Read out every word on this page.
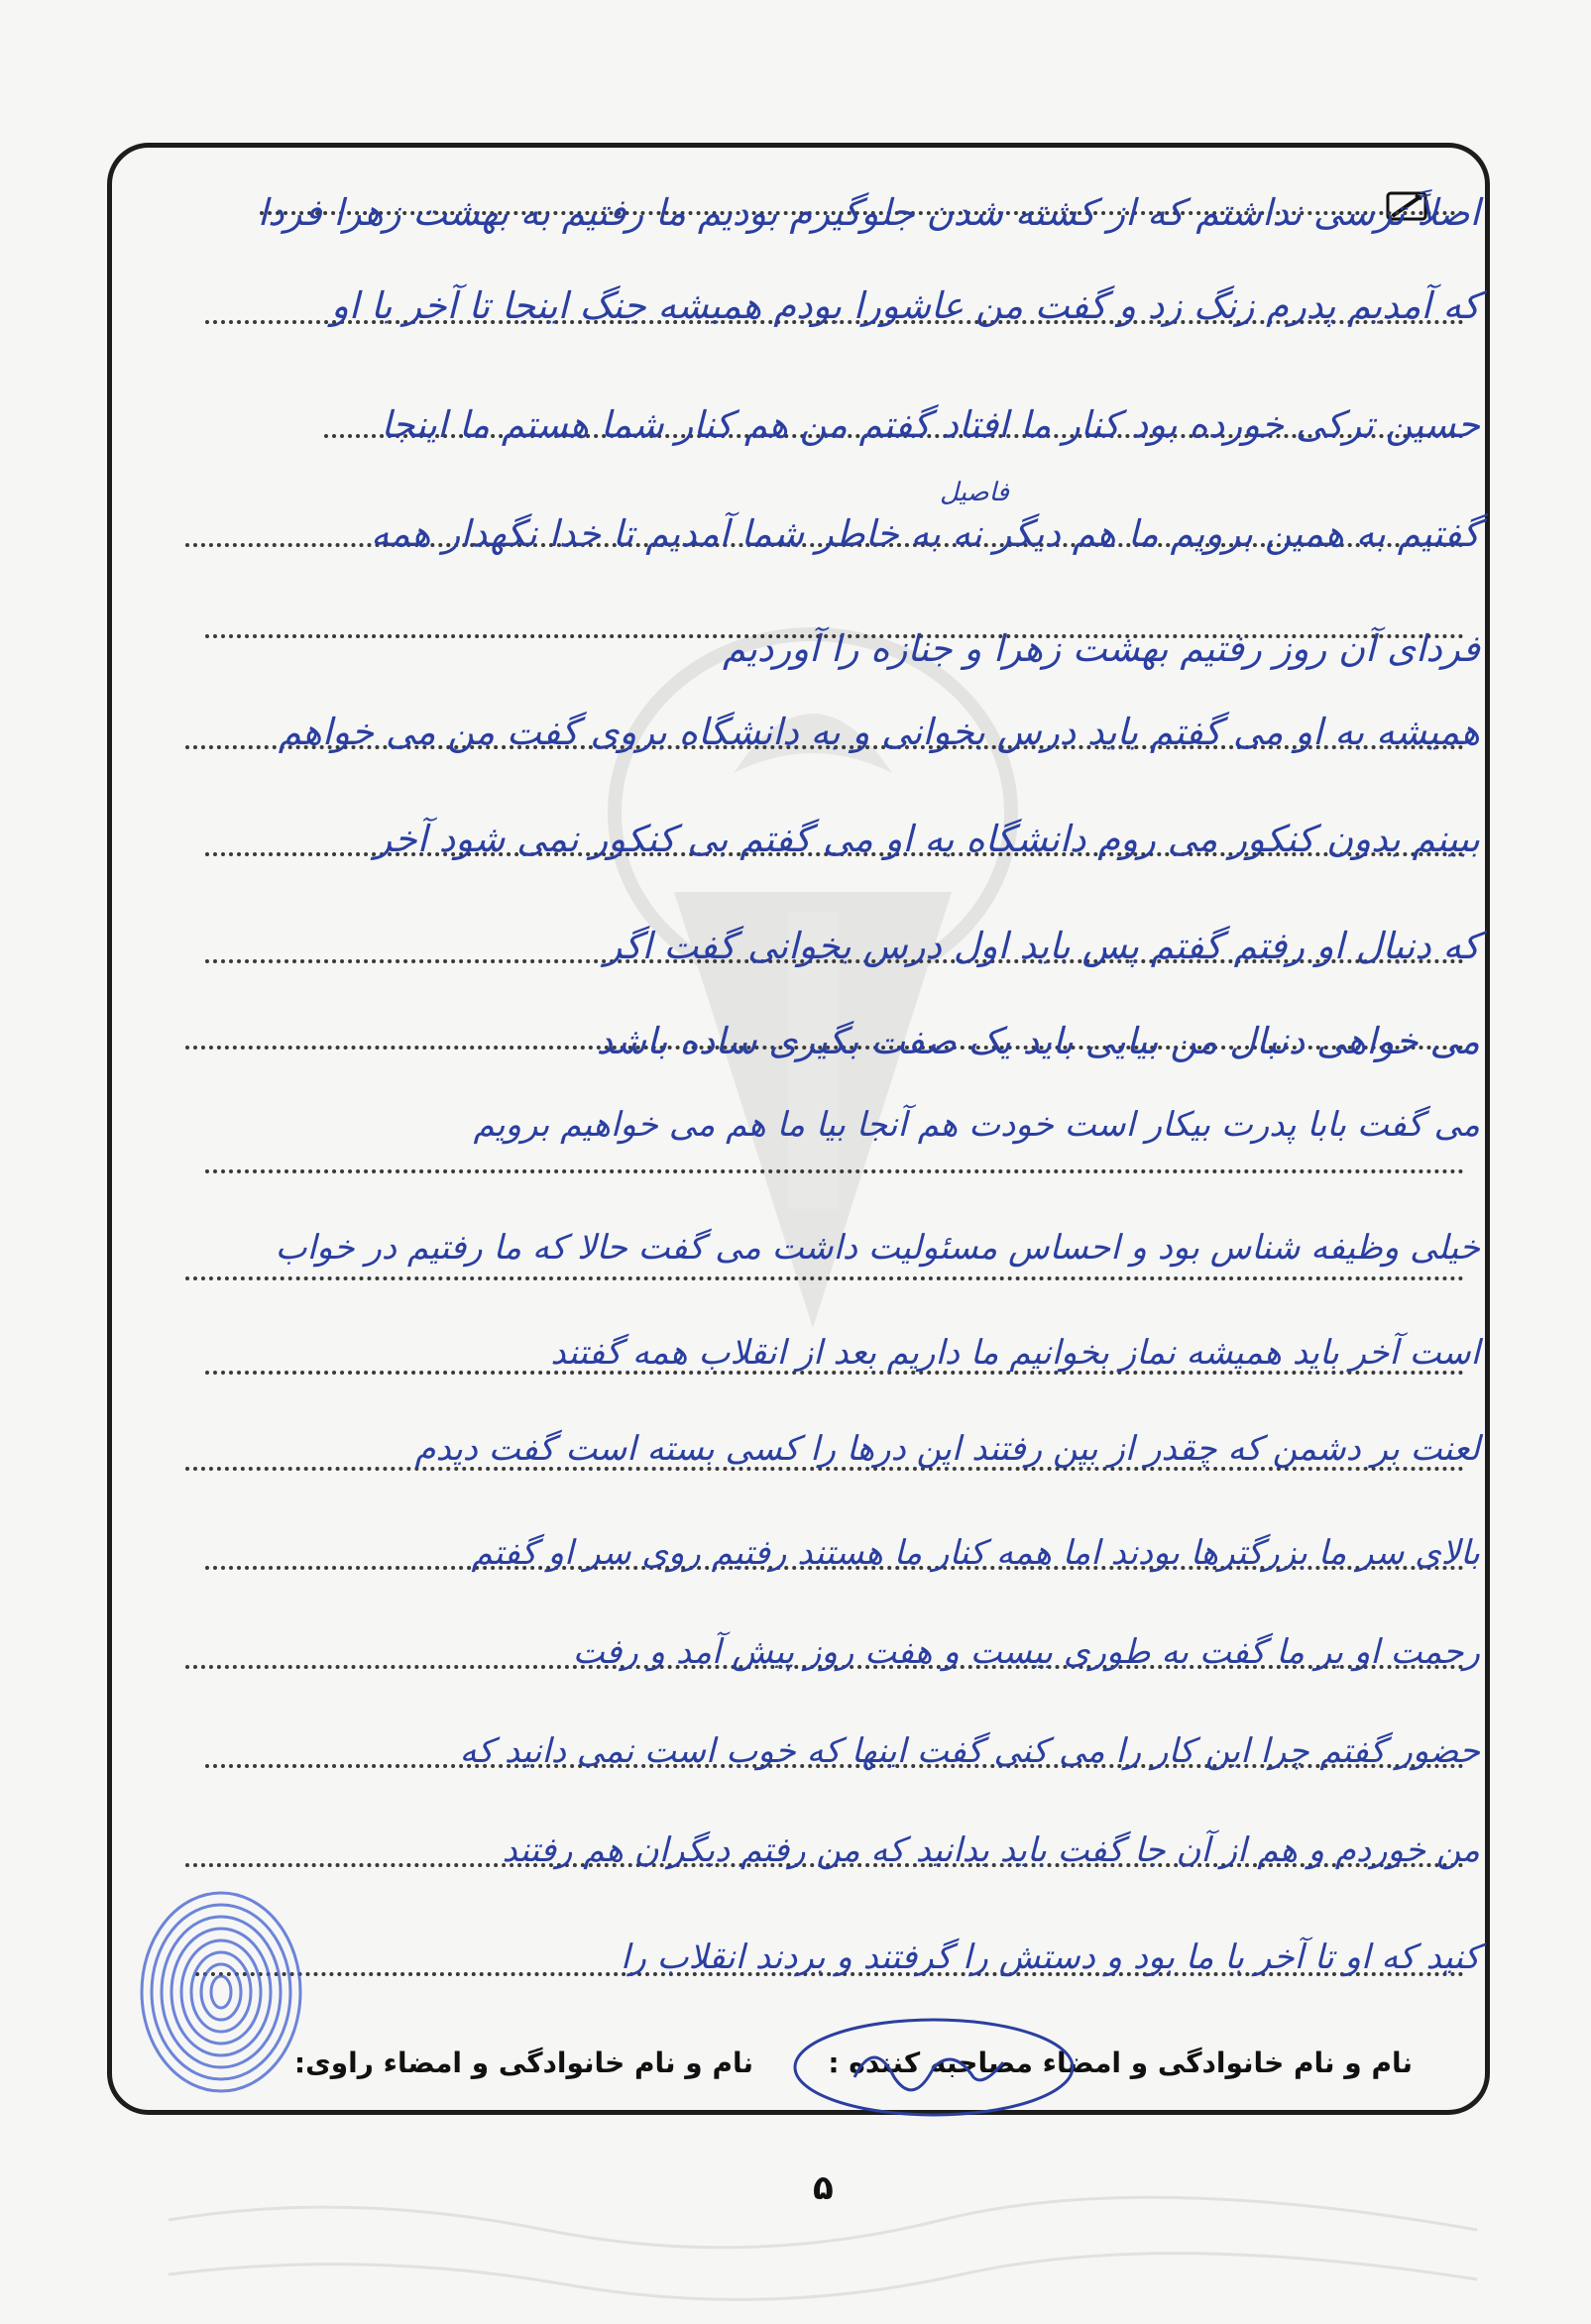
اصلاً ترسی نداشتم که از کشته شدن جلوگیرم بودیم ما رفتیم به بهشت زهرا فردا
که آمدیم پدرم زنگ زد و گفت من عاشورا بودم همیشه جنگ اینجا تا آخر با او
حسین ترکی خورده بود کنار ما افتاد گفتم من هم کنار شما هستم ما اینجا
گفتیم به همین برویم ما هم دیگر نه به خاطر شما آمدیم تا خدا نگهدار همه
فردای آن روز رفتیم بهشت زهرا و جنازه را آوردیم
همیشه به او می گفتم باید درس بخوانی و به دانشگاه بروی گفت من می خواهم
ببینم بدون کنکور می روم دانشگاه به او می گفتم بی کنکور نمی شود آخر
که دنبال او رفتم گفتم پس باید اول درس بخوانی گفت اگر
می خواهی دنبال من بیایی باید یک صفت بگیری ساده باشد
می گفت بابا پدرت بیکار است خودت هم آنجا بیا ما هم می خواهیم برویم
خیلی وظیفه شناس بود و احساس مسئولیت داشت می گفت حالا که ما رفتیم در خواب
است آخر باید همیشه نماز بخوانیم ما داریم بعد از انقلاب همه گفتند
لعنت بر دشمن که چقدر از بین رفتند این درها را کسی بسته است گفت دیدم
بالای سر ما بزرگترها بودند اما همه کنار ما هستند رفتیم روی سر او گفتم
رحمت او بر ما گفت به طوری بیست و هفت روز پیش آمد و رفت
حضور گفتم چرا این کار را می کنی گفت اینها که خوب است نمی دانید که
من خوردم و هم از آن جا گفت باید بدانید که من رفتم دیگران هم رفتند
کنید که او تا آخر با ما بود و دستش را گرفتند و بردند انقلاب را
فاصیل
نام و نام خانوادگی و امضاء مصاحبه کننده :
نام و نام خانوادگی و امضاء راوی:
۵
